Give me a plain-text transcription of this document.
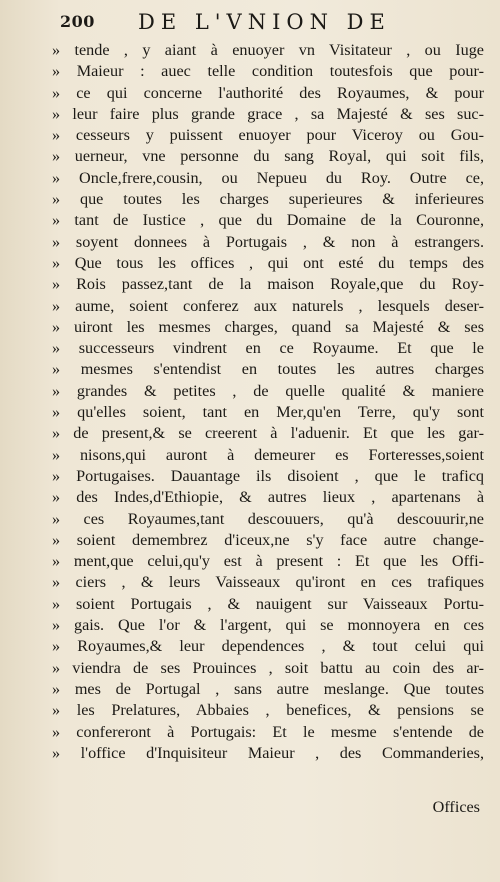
200 DE L'VNION DE
» tende , y aiant à enuoyer vn Visitateur , ou Iuge
» Maieur : auec telle condition toutesfois que pour-
» ce qui concerne l'authorité des Royaumes, & pour
» leur faire plus grande grace , sa Majesté & ses suc-
» cesseurs y puissent enuoyer pour Viceroy ou Gou-
» uerneur, vne personne du sang Royal, qui soit fils,
» Oncle,frere,cousin, ou Nepueu du Roy. Outre ce,
» que toutes les charges superieures & inferieures
» tant de Iustice , que du Domaine de la Couronne,
» soyent donnees à Portugais , & non à estrangers.
» Que tous les offices , qui ont esté du temps des
» Rois passez,tant de la maison Royale,que du Roy-
» aume, soient conferez aux naturels , lesquels deser-
» uiront les mesmes charges, quand sa Majesté & ses
» successeurs vindrent en ce Royaume. Et que le
» mesmes s'entendist en toutes les autres charges
» grandes & petites , de quelle qualité & maniere
» qu'elles soient, tant en Mer,qu'en Terre, qu'y sont
» de present,& se creerent à l'aduenir. Et que les gar-
» nisons,qui auront à demeurer es Forteresses,soient
» Portugaises. Dauantage ils disoient , que le traficq
» des Indes,d'Ethiopie, & autres lieux , apartenans à
» ces Royaumes,tant descouuers, qu'à descouurir,ne
» soient demembrez d'iceux,ne s'y face autre change-
» ment,que celui,qu'y est à present : Et que les Offi-
» ciers , & leurs Vaisseaux qu'iront en ces trafiques
» soient Portugais , & nauigent sur Vaisseaux Portu-
» gais. Que l'or & l'argent, qui se monnoyera en ces
» Royaumes,& leur dependences , & tout celui qui
» viendra de ses Prouinces , soit battu au coin des ar-
» mes de Portugal , sans autre meslange. Que toutes
» les Prelatures, Abbaies , benefices, & pensions se
» confereront à Portugais: Et le mesme s'entende de
» l'office d'Inquisiteur Maieur , des Commanderies,
Offices
